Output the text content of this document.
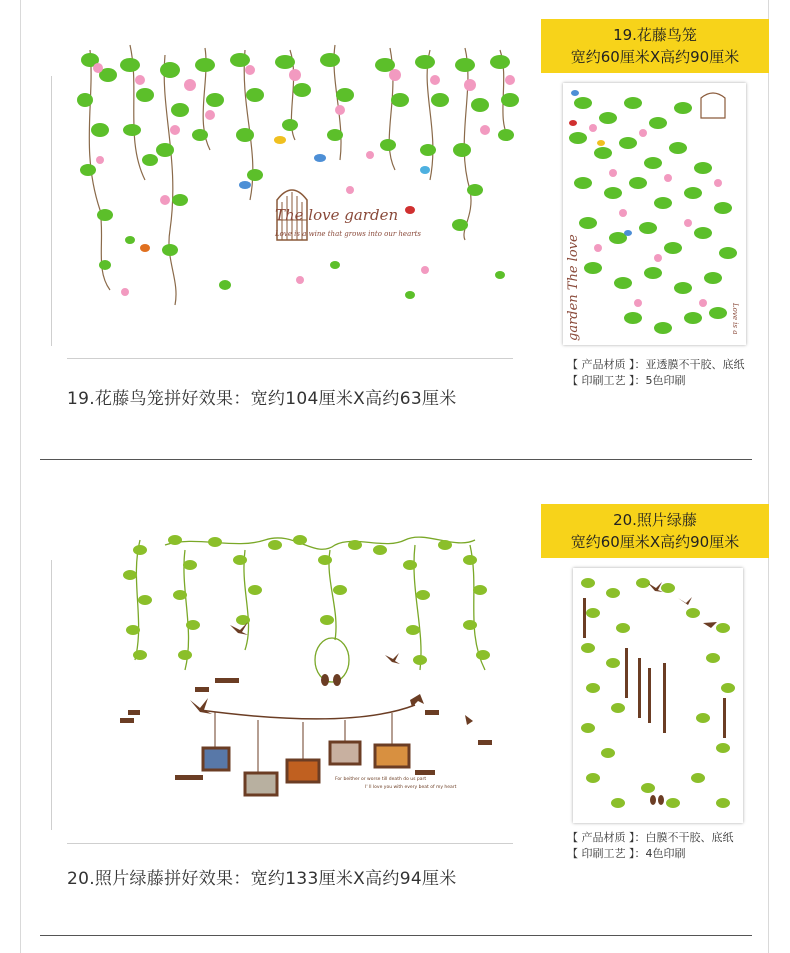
The love garden
Love is a wine that grows into our hearts
19.花藤鸟笼拼好效果：宽约104厘米X高约63厘米
19.花藤鸟笼
宽约60厘米X高约90厘米
garden The love	Love is a
【 产品材质 】：亚透膜不干胶、底纸
【 印刷工艺 】：5色印刷
For beither or worse till death do us part
I' ll love you with every beat of my heart
20.照片绿藤拼好效果：宽约133厘米X高约94厘米
20.照片绿藤
宽约60厘米X高约90厘米
【 产品材质 】：白膜不干胶、底纸
【 印刷工艺 】：4色印刷
